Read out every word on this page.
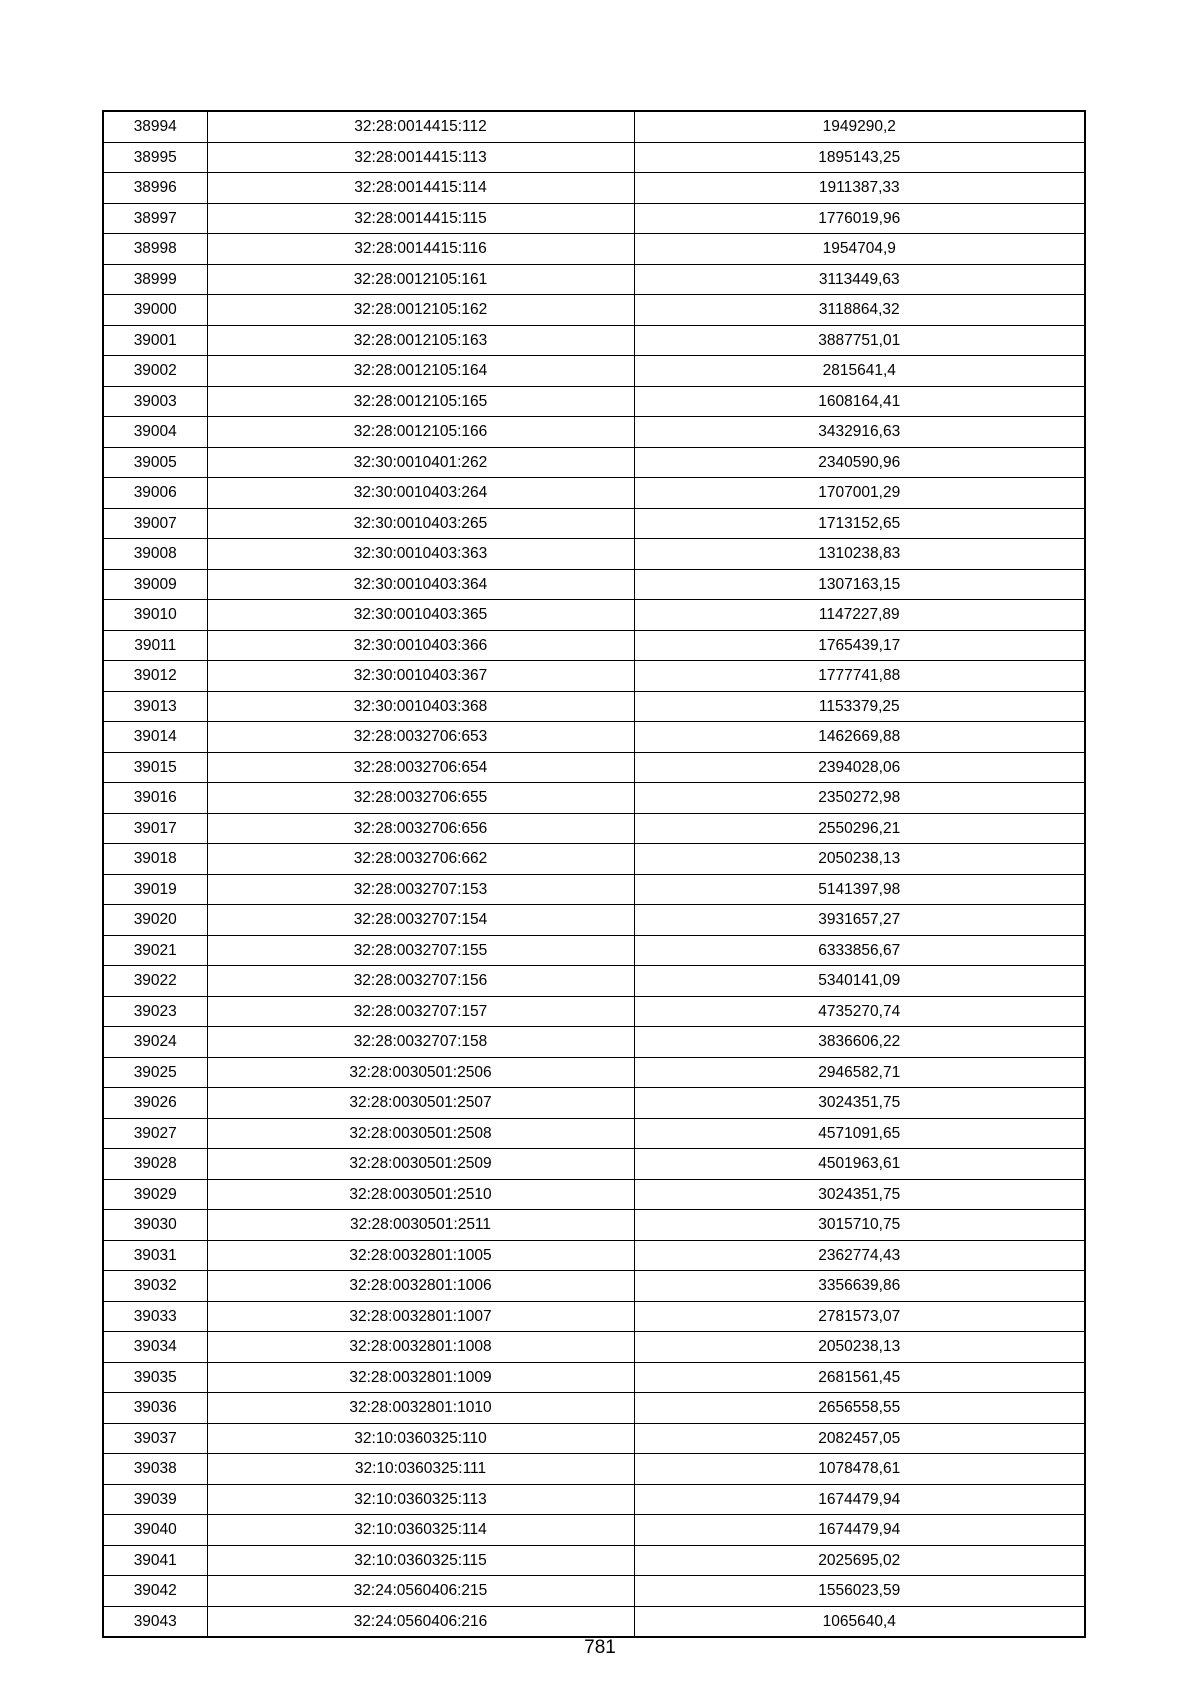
38994	32:28:0014415:112	1949290,2
38995	32:28:0014415:113	1895143,25
38996	32:28:0014415:114	1911387,33
38997	32:28:0014415:115	1776019,96
38998	32:28:0014415:116	1954704,9
38999	32:28:0012105:161	3113449,63
39000	32:28:0012105:162	3118864,32
39001	32:28:0012105:163	3887751,01
39002	32:28:0012105:164	2815641,4
39003	32:28:0012105:165	1608164,41
39004	32:28:0012105:166	3432916,63
39005	32:30:0010401:262	2340590,96
39006	32:30:0010403:264	1707001,29
39007	32:30:0010403:265	1713152,65
39008	32:30:0010403:363	1310238,83
39009	32:30:0010403:364	1307163,15
39010	32:30:0010403:365	1147227,89
39011	32:30:0010403:366	1765439,17
39012	32:30:0010403:367	1777741,88
39013	32:30:0010403:368	1153379,25
39014	32:28:0032706:653	1462669,88
39015	32:28:0032706:654	2394028,06
39016	32:28:0032706:655	2350272,98
39017	32:28:0032706:656	2550296,21
39018	32:28:0032706:662	2050238,13
39019	32:28:0032707:153	5141397,98
39020	32:28:0032707:154	3931657,27
39021	32:28:0032707:155	6333856,67
39022	32:28:0032707:156	5340141,09
39023	32:28:0032707:157	4735270,74
39024	32:28:0032707:158	3836606,22
39025	32:28:0030501:2506	2946582,71
39026	32:28:0030501:2507	3024351,75
39027	32:28:0030501:2508	4571091,65
39028	32:28:0030501:2509	4501963,61
39029	32:28:0030501:2510	3024351,75
39030	32:28:0030501:2511	3015710,75
39031	32:28:0032801:1005	2362774,43
39032	32:28:0032801:1006	3356639,86
39033	32:28:0032801:1007	2781573,07
39034	32:28:0032801:1008	2050238,13
39035	32:28:0032801:1009	2681561,45
39036	32:28:0032801:1010	2656558,55
39037	32:10:0360325:110	2082457,05
39038	32:10:0360325:111	1078478,61
39039	32:10:0360325:113	1674479,94
39040	32:10:0360325:114	1674479,94
39041	32:10:0360325:115	2025695,02
39042	32:24:0560406:215	1556023,59
39043	32:24:0560406:216	1065640,4
781
